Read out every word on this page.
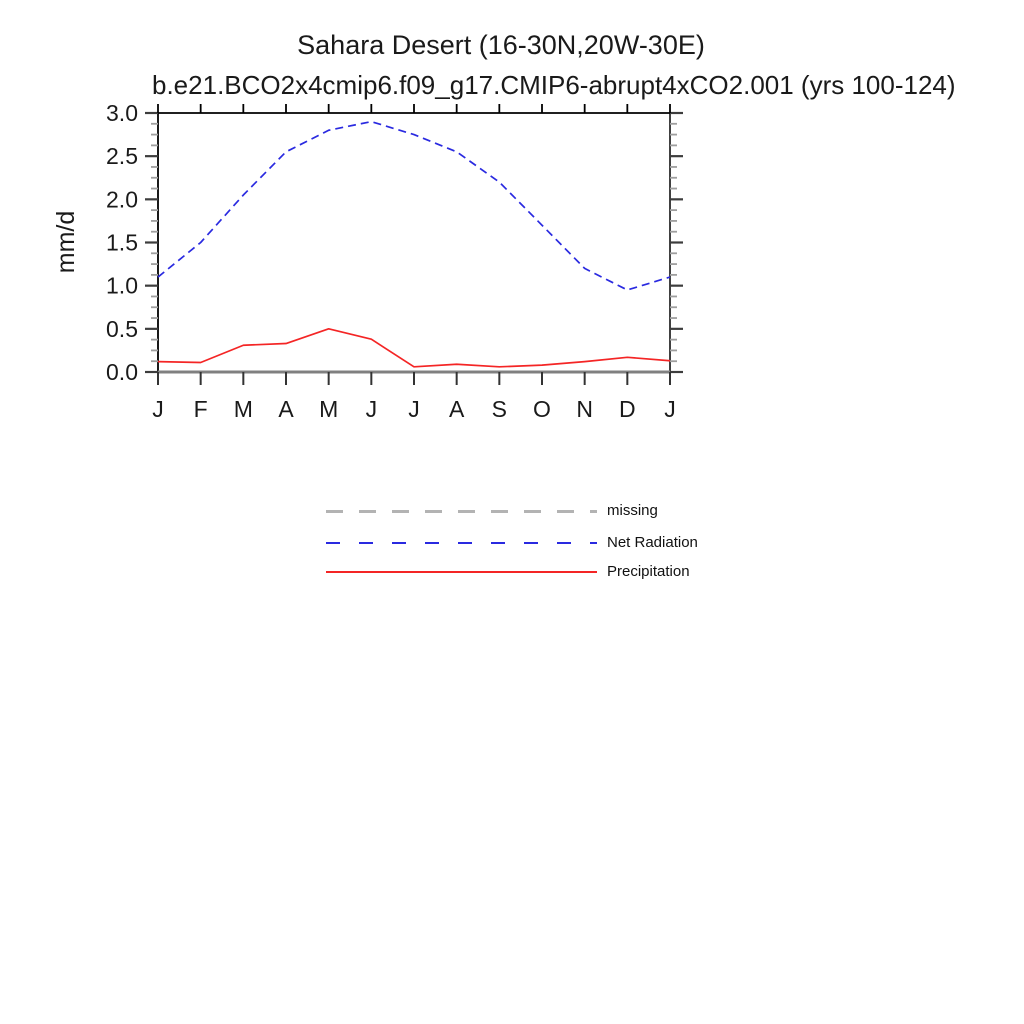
Sahara Desert (16-30N,20W-30E)
b.e21.BCO2x4cmip6.f09_g17.CMIP6-abrupt4xCO2.001 (yrs 100-124)
0.0
0.5
1.0
1.5
2.0
2.5
3.0
J F M A M J J A S O N D J
mm/d
missing
Net Radiation
Precipitation
